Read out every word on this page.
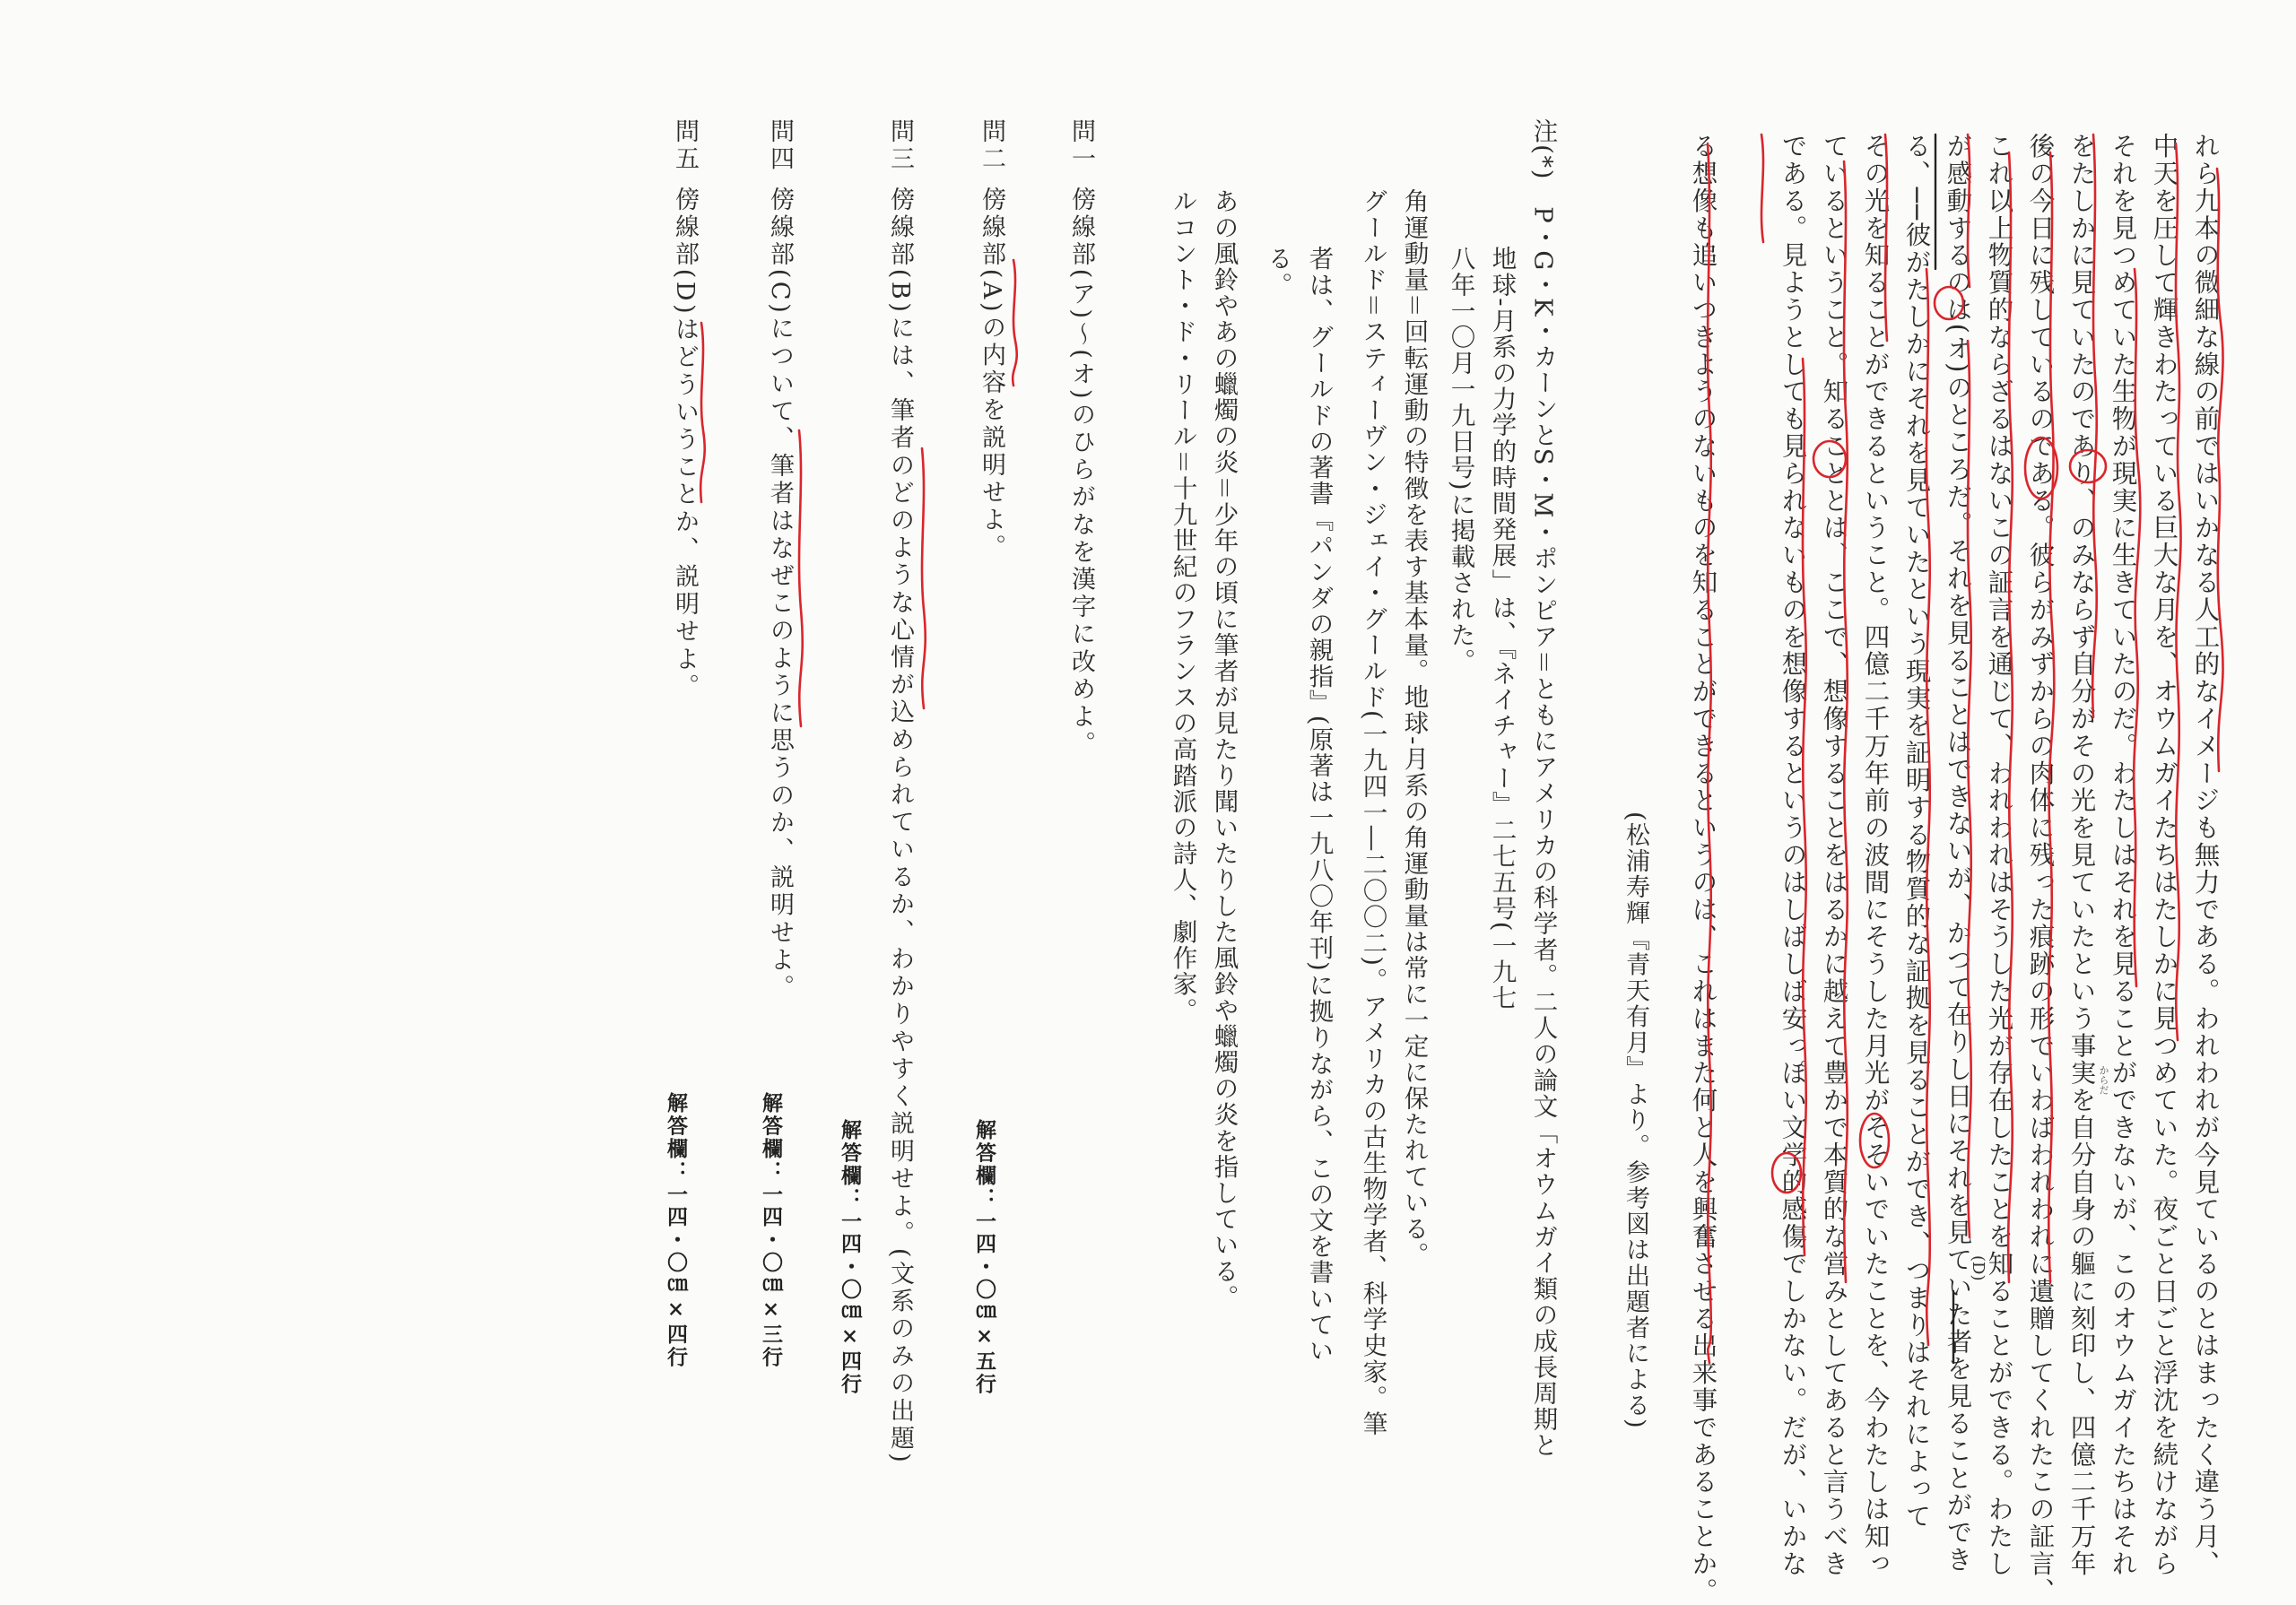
れら九本の微細な線の前ではいかなる人工的なイメージも無力である。われわれが今見ているのとはまったく違う月、
中天を圧して輝きわたっている巨大な月を、オウムガイたちはたしかに見つめていた。夜ごと日ごと浮沈を続けながら
それを見つめていた生物が現実に生きていたのだ。わたしはそれを見ることができないが、このオウムガイたちはそれ
をたしかに見ていたのであり、のみならず自分がその光を見ていたという事実を自分自身の軀に刻印し、四億二千万年
後の今日に残しているのである。彼らがみずからの肉体に残った痕跡の形でいわばわれわれに遺贈してくれたこの証言、
これ以上物質的ならざるはないこの証言を通じて、われわれはそうした光が存在したことを知ることができる。わたし
が感動するのは(オ)のところだ。それを見ることはできないが、かつて在りし日にそれを見ていた者を見ることができ
る、──彼がたしかにそれを見ていたという現実を証明する物質的な証拠を見ることができ、つまりはそれによって
その光を知ることができるということ。四億二千万年前の波間にそうした月光がそそいでいたことを、今わたしは知っ
ているということ。知ることとは、ここで、想像することをはるかに越えて豊かで本質的な営みとしてあると言うべき
である。見ようとしても見られないものを想像するというのはしばしば安っぽい文学的感傷でしかない。だが、いかな
る想像も追いつきようのないものを知ることができるというのは、これはまた何と人を興奮させる出来事であることか。
(松浦寿輝『青天有月』より。参考図は出題者による)
注(*)　P・G・K・カーンとS・M・ポンピア＝ともにアメリカの科学者。二人の論文「オウムガイ類の成長周期と
地球-月系の力学的時間発展」は、『ネイチャー』二七五号(一九七
八年一〇月一九日号)に掲載された。
角運動量＝回転運動の特徴を表す基本量。地球-月系の角運動量は常に一定に保たれている。
グールド＝スティーヴン・ジェイ・グールド(一九四一―二〇〇二)。アメリカの古生物学者、科学史家。筆
者は、グールドの著書『パンダの親指』(原著は一九八〇年刊)に拠りながら、この文を書いてい
る。
あの風鈴やあの蠟燭の炎＝少年の頃に筆者が見たり聞いたりした風鈴や蠟燭の炎を指している。
ルコント・ド・リール＝十九世紀のフランスの高踏派の詩人、劇作家。
問一
傍線部(ア)〜(オ)のひらがなを漢字に改めよ。
問二
傍線部(A)の内容を説明せよ。
解答欄：一四・〇㎝×五行
問三
傍線部(B)には、筆者のどのような心情が込められているか、わかりやすく説明せよ。(文系のみの出題)
解答欄：一四・〇㎝×四行
問四
傍線部(C)について、筆者はなぜこのように思うのか、説明せよ。
解答欄：一四・〇㎝×三行
問五
傍線部(D)はどういうことか、説明せよ。
解答欄：一四・〇㎝×四行
からだ
(D)
